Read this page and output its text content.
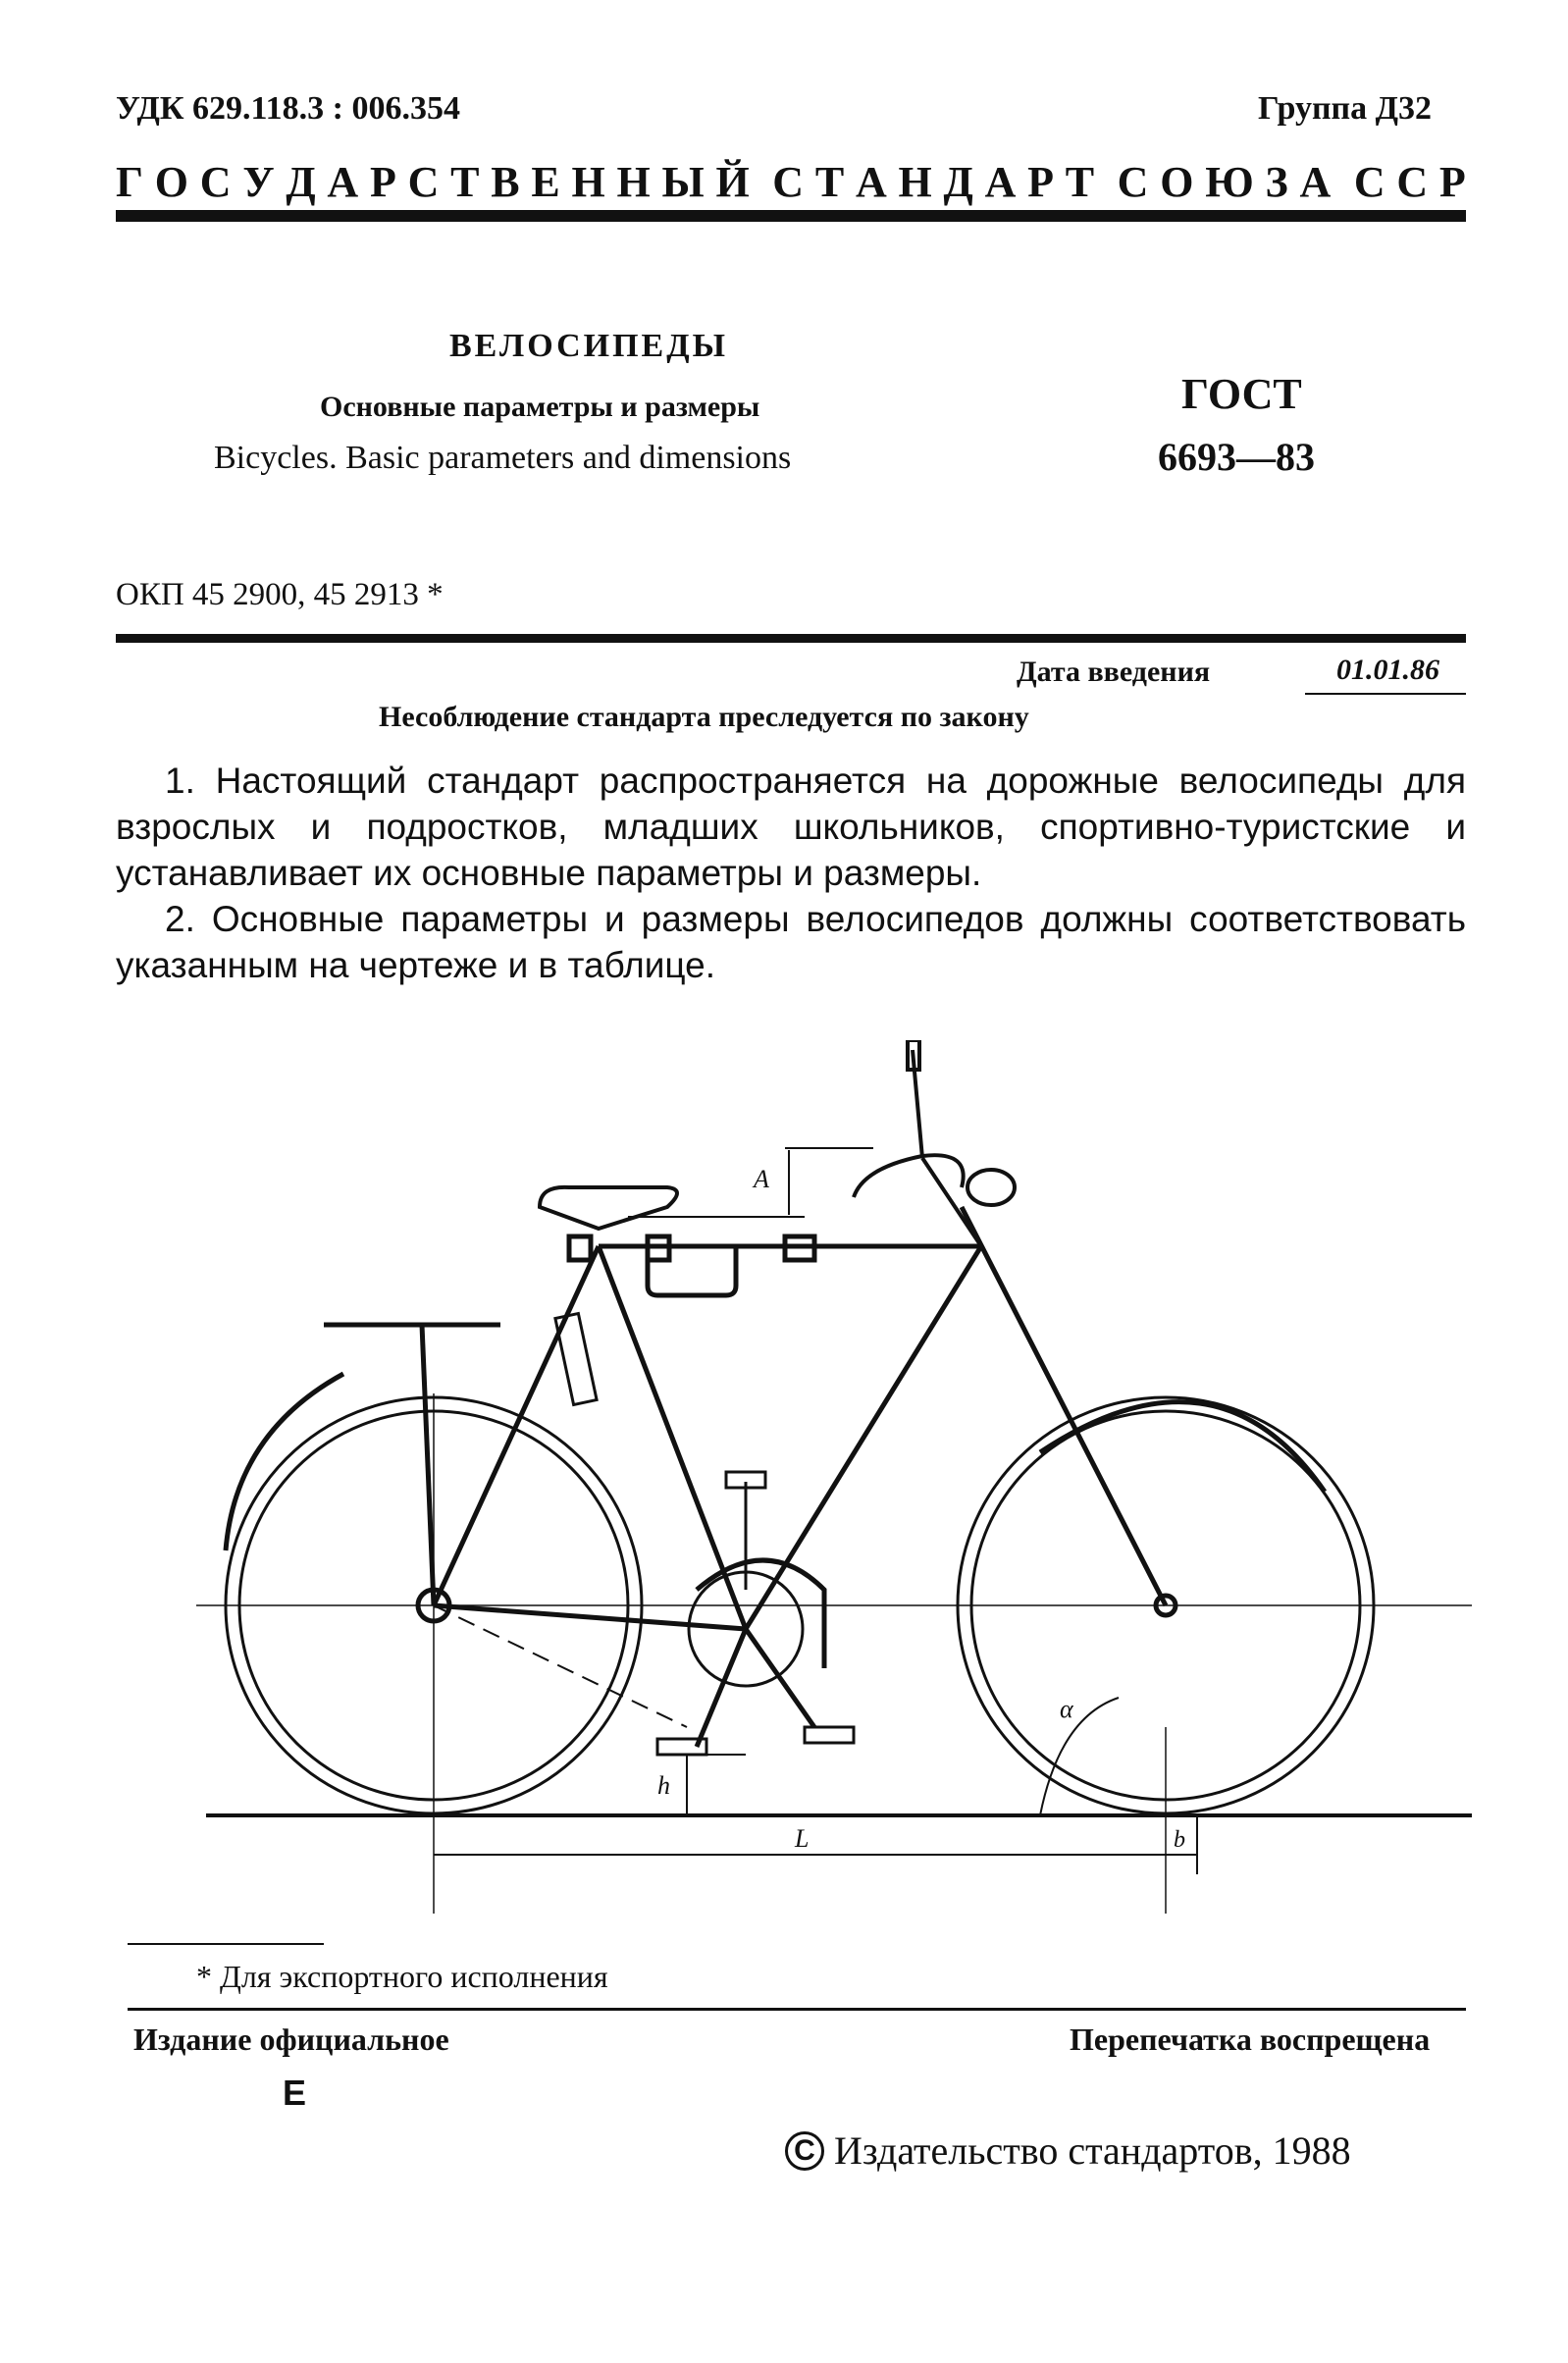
УДК 629.118.3 : 006.354	Группа Д32
Г О С У Д А Р С Т В Е Н Н Ы Й С Т А Н Д А Р Т С О Ю З А С С Р
ВЕЛОСИПЕДЫ
Основные параметры и размеры
Bicycles. Basic parameters and dimensions
ГОСТ
6693—83
ОКП 45 2900, 45 2913 *
Дата введения	01.01.86
Несоблюдение стандарта преследуется по закону

1. Настоящий стандарт распространяется на дорожные велосипеды для взрослых и подростков, младших школьников, спортивно-туристские и устанавливает их основные параметры и размеры.

2. Основные параметры и размеры велосипедов должны соответствовать указанным на чертеже и в таблице.

A
h
L	b
α
* Для экспортного исполнения
Издание официальное
Е
Перепечатка воспрещена
C Издательство стандартов, 1988
